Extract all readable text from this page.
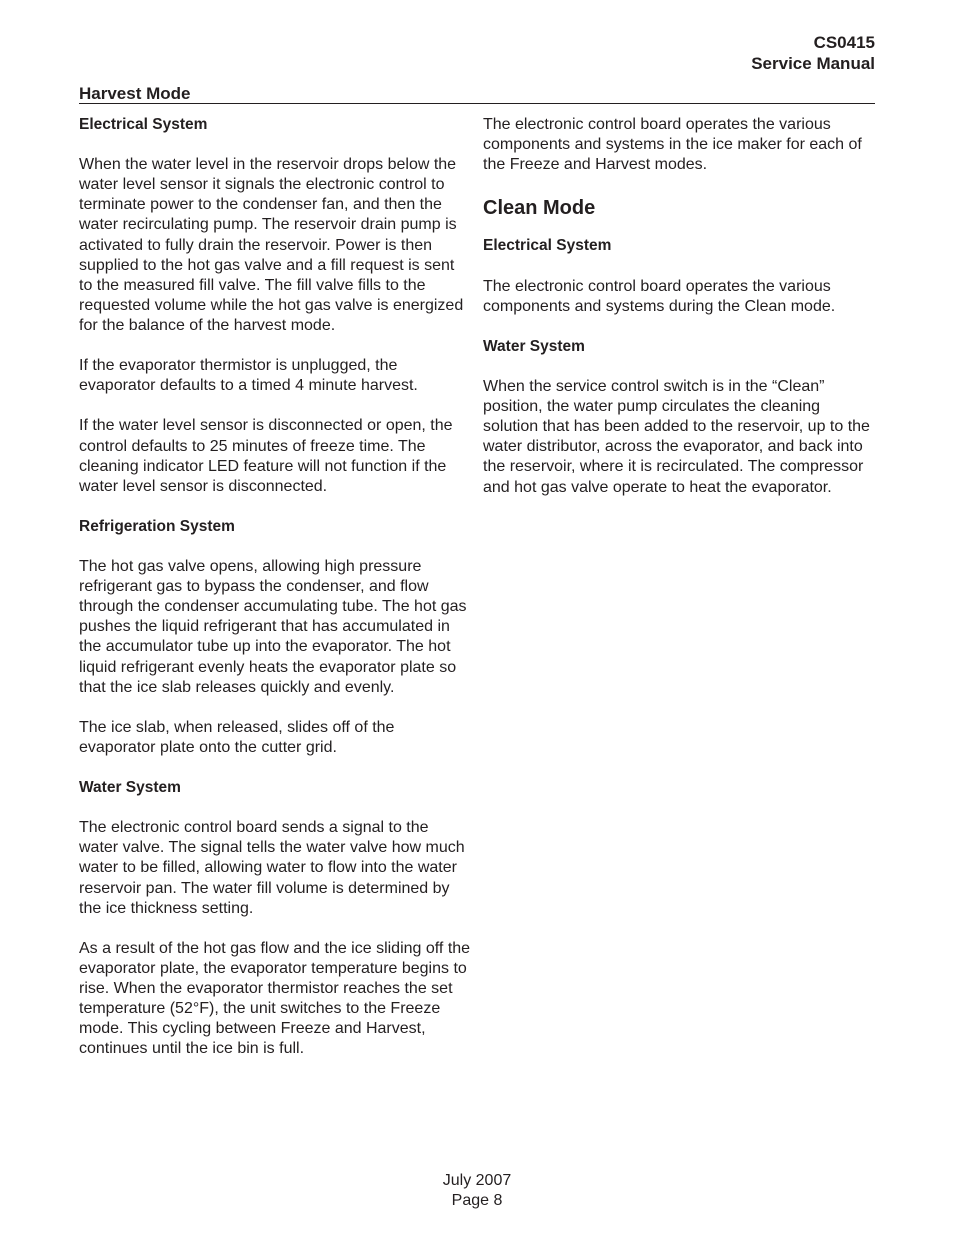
CS0415
Service Manual
Harvest Mode

Electrical System

When the water level in the reservoir drops below the water level sensor it signals the electronic control to terminate power to the condenser fan, and then the water recirculating pump. The reservoir drain pump is activated to fully drain the reservoir. Power is then supplied to the hot gas valve and a fill request is sent to the measured fill valve. The fill valve fills to the requested volume while the hot gas valve is energized for the balance of the harvest mode.

If the evaporator thermistor is unplugged, the evaporator defaults to a timed 4 minute harvest.

If the water level sensor is disconnected or open, the control defaults to 25 minutes of freeze time. The cleaning indicator LED feature will not function if the water level sensor is disconnected.

Refrigeration System

The hot gas valve opens, allowing high pressure refrigerant gas to bypass the condenser, and flow through the condenser accumulating tube. The hot gas pushes the liquid refrigerant that has accumulated in the accumulator tube up into the evaporator. The hot liquid refrigerant evenly heats the evaporator plate so that the ice slab releases quickly and evenly.

The ice slab, when released, slides off of the evaporator plate onto the cutter grid.

Water System

The electronic control board sends a signal to the water valve. The signal tells the water valve how much water to be filled, allowing water to flow into the water reservoir pan. The water fill volume is determined by the ice thickness setting.

As a result of the hot gas flow and the ice sliding off the evaporator plate, the evaporator temperature begins to rise. When the evaporator thermistor reaches the set temperature (52°F), the unit switches to the Freeze mode. This cycling between Freeze and Harvest, continues until the ice bin is full.

The electronic control board operates the various components and systems in the ice maker for each of the Freeze and Harvest modes.

Clean Mode

Electrical System

The electronic control board operates the various components and systems during the Clean mode.

Water System

When the service control switch is in the “Clean” position, the water pump circulates the cleaning solution that has been added to the reservoir, up to the water distributor, across the evaporator, and back into the reservoir, where it is recirculated. The compressor and hot gas valve operate to heat the evaporator.

July 2007
Page 8
